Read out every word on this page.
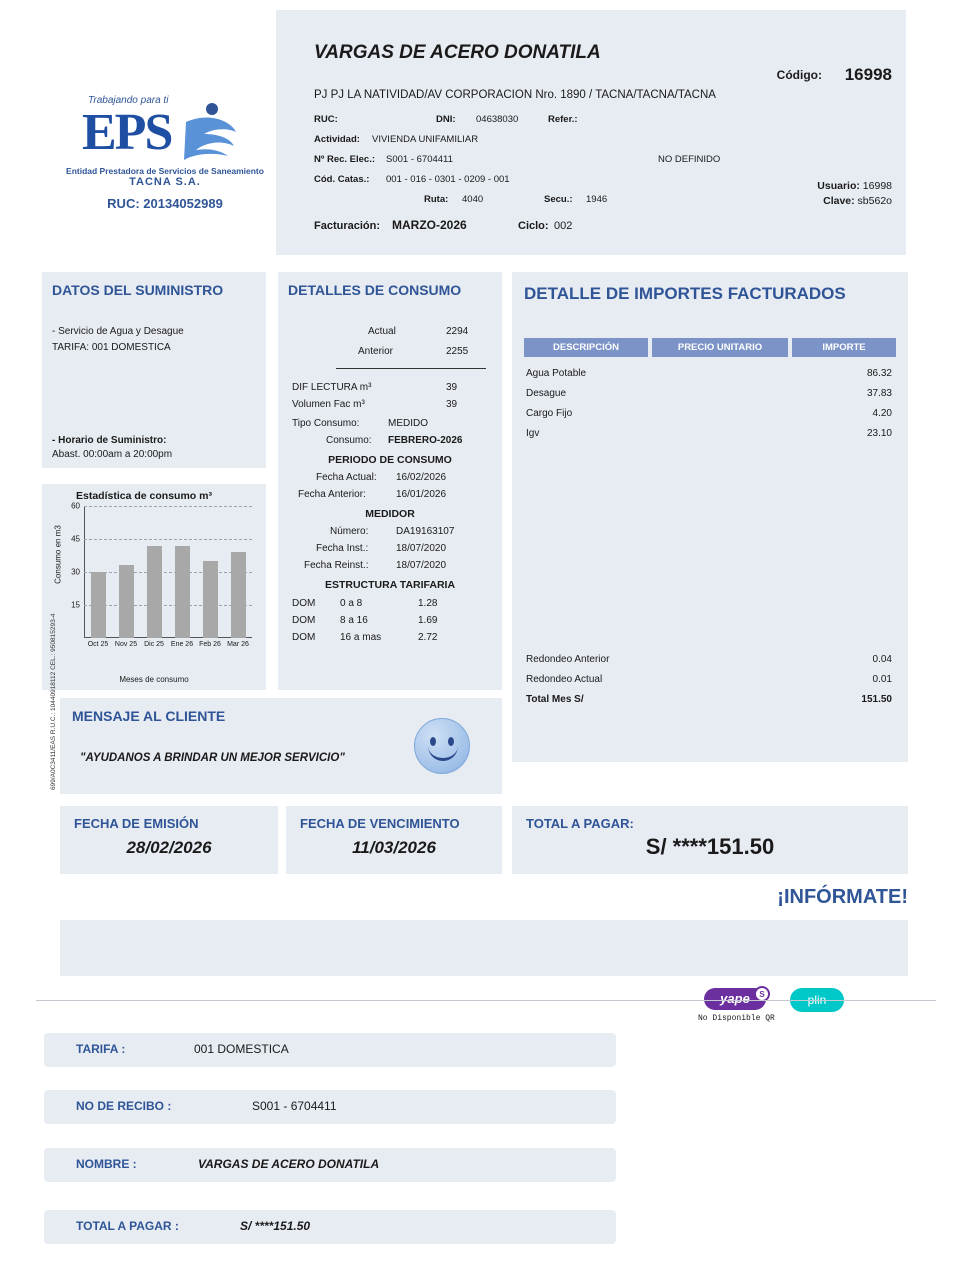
Trabajando para ti
EPS
Entidad Prestadora de Servicios de Saneamiento
TACNA S.A.
RUC: 20134052989
VARGAS DE ACERO DONATILA
Código: 16998
PJ PJ LA NATIVIDAD/AV CORPORACION Nro. 1890 / TACNA/TACNA/TACNA
RUC:	DNI: 04638030	Refer.:
Actividad: VIVIENDA UNIFAMILIAR
Nº Rec. Elec.: S001 - 6704411	NO DEFINIDO
Cód. Catas.: 001 - 016 - 0301 - 0209 - 001
Ruta: 4040	Secu.: 1946
Facturación: MARZO-2026	Ciclo: 002
Usuario: 16998
Clave: sb562o
DATOS DEL SUMINISTRO
- Servicio de Agua y Desague
TARIFA: 001 DOMESTICA
- Horario de Suministro:
Abast. 00:00am a 20:00pm
Estadística de consumo m³
Consumo en m3
15
30
45
60
Oct 25 Nov 25 Dic 25 Ene 26 Feb 26 Mar 26
Meses de consumo
DETALLES DE CONSUMO
Actual	2294
Anterior	2255
DIF LECTURA m³	39
Volumen Fac m³	39
Tipo Consumo:	MEDIDO
Consumo: FEBRERO-2026
PERIODO DE CONSUMO
Fecha Actual: 16/02/2026
Fecha Anterior:	16/01/2026
MEDIDOR
Número:	DA19163107
Fecha Inst.:	18/07/2020
Fecha Reinst.:	18/07/2020
ESTRUCTURA TARIFARIA
DOM 0 a 8	1.28
DOM 8 a 16	1.69
DOM 16 a mas	2.72
DETALLE DE IMPORTES FACTURADOS
DESCRIPCIÓN	PRECIO UNITARIO	IMPORTE
Agua Potable	86.32
Desague	37.83
Cargo Fijo	4.20
Igv	23.10
Redondeo Anterior	0.04
Redondeo Actual	0.01
Total Mes S/	151.50
MENSAJE AL CLIENTE
"AYUDANOS A BRINDAR UN MEJOR SERVICIO"
FECHA DE EMISIÓN
28/02/2026
FECHA DE VENCIMIENTO
11/03/2026
TOTAL A PAGAR:
S/ ****151.50
¡INFÓRMATE!
699/A0C3411/EAS R.U.C.: 10440918112 CEL.: 950815293-4
yape	S	plin
No Disponible QR
TARIFA :	001 DOMESTICA
NO DE RECIBO :	S001 - 6704411
NOMBRE :	VARGAS DE ACERO DONATILA
TOTAL A PAGAR :	S/ ****151.50
